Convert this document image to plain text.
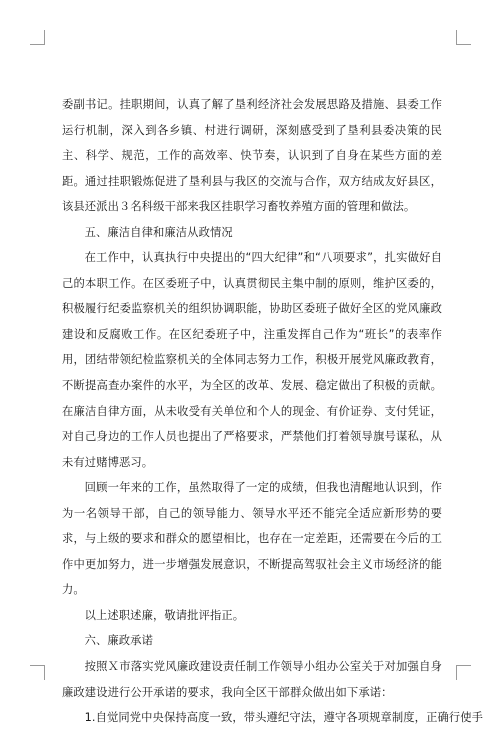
委副书记。挂职期间，认真了解了垦利经济社会发展思路及措施、县委工作运行机制，深入到各乡镇、村进行调研，深刻感受到了垦利县委决策的民主、科学、规范，工作的高效率、快节奏，认识到了自身在某些方面的差距。通过挂职锻炼促进了垦利县与我区的交流与合作，双方结成友好县区，该县还派出３名科级干部来我区挂职学习畜牧养殖方面的管理和做法。

五、廉洁自律和廉洁从政情况

在工作中，认真执行中央提出的“四大纪律”和“八项要求”，扎实做好自己的本职工作。在区委班子中，认真贯彻民主集中制的原则，维护区委的，积极履行纪委监察机关的组织协调职能，协助区委班子做好全区的党风廉政建设和反腐败工作。在区纪委班子中，注重发挥自己作为“班长”的表率作用，团结带领纪检监察机关的全体同志努力工作，积极开展党风廉政教育，不断提高查办案件的水平，为全区的改革、发展、稳定做出了积极的贡献。在廉洁自律方面，从未收受有关单位和个人的现金、有价证券、支付凭证，对自己身边的工作人员也提出了严格要求，严禁他们打着领导旗号谋私，从未有过赌博恶习。

回顾一年来的工作，虽然取得了一定的成绩，但我也清醒地认识到，作为一名领导干部，自己的领导能力、领导水平还不能完全适应新形势的要求，与上级的要求和群众的愿望相比，也存在一定差距，还需要在今后的工作中更加努力，进一步增强发展意识，不断提高驾驭社会主义市场经济的能力。

以上述职述廉，敬请批评指正。

六、廉政承诺

按照Ｘ市落实党风廉政建设责任制工作领导小组办公室关于对加强自身廉政建设进行公开承诺的要求，我向全区干部群众做出如下承诺：

1.自觉同党中央保持高度一致，带头遵纪守法，遵守各项规章制度，正确行使手
